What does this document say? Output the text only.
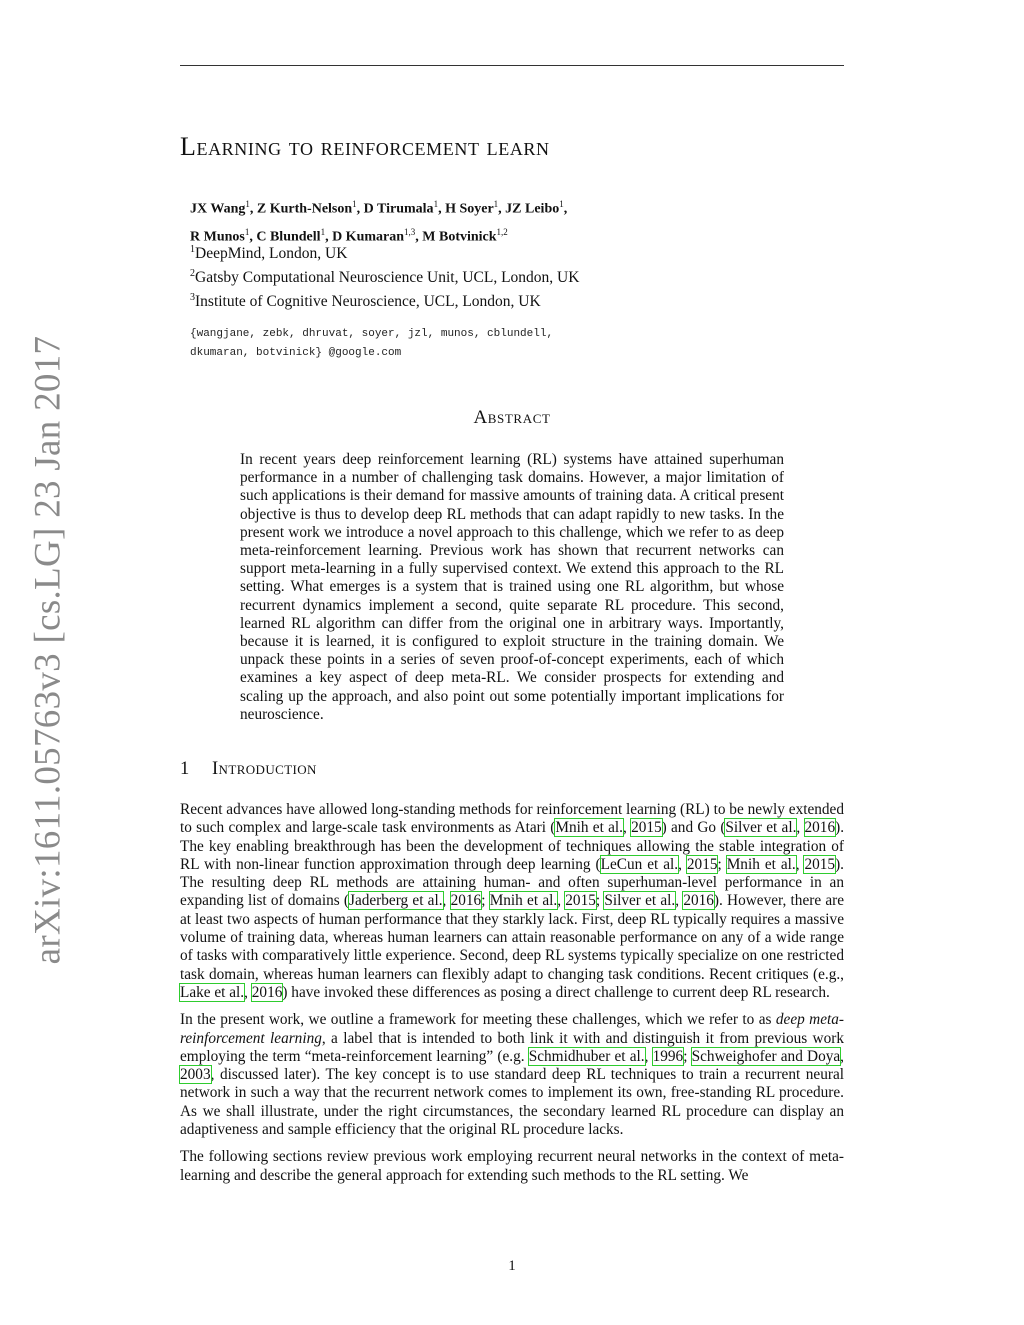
arXiv:1611.05763v3 [cs.LG] 23 Jan 2017
Learning to reinforcement learn
JX Wang$^1$, Z Kurth-Nelson$^1$, D Tirumala$^1$, H Soyer$^1$, JZ Leibo$^1$,
R Munos$^1$, C Blundell$^1$, D Kumaran$^{1,3}$, M Botvinick$^{1,2}$
$^1$DeepMind, London, UK
$^2$Gatsby Computational Neuroscience Unit, UCL, London, UK
$^3$Institute of Cognitive Neuroscience, UCL, London, UK
{wangjane, zebk, dhruvat, soyer, jzl, munos, cblundell,
dkumaran, botvinick} @google.com
Abstract

In recent years deep reinforcement learning (RL) systems have attained superhuman performance in a number of challenging task domains. However, a major limitation of such applications is their demand for massive amounts of training data. A critical present objective is thus to develop deep RL methods that can adapt rapidly to new tasks. In the present work we introduce a novel approach to this challenge, which we refer to as deep meta-reinforcement learning. Previous work has shown that recurrent networks can support meta-learning in a fully supervised context. We extend this approach to the RL setting. What emerges is a system that is trained using one RL algorithm, but whose recurrent dynamics implement a second, quite separate RL procedure. This second, learned RL algorithm can differ from the original one in arbitrary ways. Importantly, because it is learned, it is configured to exploit structure in the training domain. We unpack these points in a series of seven proof-of-concept experiments, each of which examines a key aspect of deep meta-RL. We consider prospects for extending and scaling up the approach, and also point out some potentially important implications for neuroscience.

1 Introduction

Recent advances have allowed long-standing methods for reinforcement learning (RL) to be newly extended to such complex and large-scale task environments as Atari (Mnih et al., 2015) and Go (Silver et al., 2016). The key enabling breakthrough has been the development of techniques allowing the stable integration of RL with non-linear function approximation through deep learning (LeCun et al., 2015; Mnih et al., 2015). The resulting deep RL methods are attaining human- and often superhuman-level performance in an expanding list of domains (Jaderberg et al., 2016; Mnih et al., 2015; Silver et al., 2016). However, there are at least two aspects of human performance that they starkly lack. First, deep RL typically requires a massive volume of training data, whereas human learners can attain reasonable performance on any of a wide range of tasks with comparatively little experience. Second, deep RL systems typically specialize on one restricted task domain, whereas human learners can flexibly adapt to changing task conditions. Recent critiques (e.g., Lake et al., 2016) have invoked these differences as posing a direct challenge to current deep RL research.

In the present work, we outline a framework for meeting these challenges, which we refer to as deep meta-reinforcement learning, a label that is intended to both link it with and distinguish it from previous work employing the term “meta-reinforcement learning” (e.g. Schmidhuber et al., 1996; Schweighofer and Doya, 2003, discussed later). The key concept is to use standard deep RL techniques to train a recurrent neural network in such a way that the recurrent network comes to implement its own, free-standing RL procedure. As we shall illustrate, under the right circumstances, the secondary learned RL procedure can display an adaptiveness and sample efficiency that the original RL procedure lacks.

The following sections review previous work employing recurrent neural networks in the context of meta-learning and describe the general approach for extending such methods to the RL setting. We

1
